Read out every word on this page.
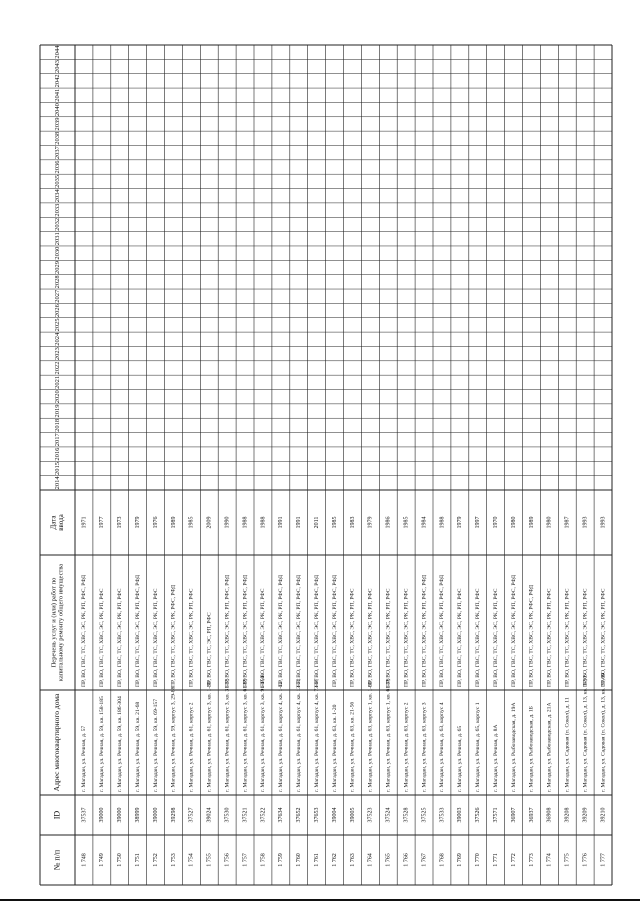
№ п/п
ID
Адрес многоквартирного дома
Перечень услуг и (или) работ по капитальному ремонту общего имущества
Дата ввода
2014
2015
2016
2017
2018
2019
2020
2021
2022
2023
2024
2025
2026
2027
2028
2029
2030
2031
2032
2033
2034
2035
2036
2037
2038
2039
2040
2041
2042
2043
2044
1 748
37537
г. Магадан, ул. Речная, д. 57
ПР, ВО, ГВС, ТС, ХВС, ЭС, РК, РП, РФС, РФД
1971
1 749
39000
г. Магадан, ул. Речная, д. 59, кв. 158-185
ПР, ВО, ГВС, ТС, ХВС, ЭС, РК, РП, РФС
1977
1 750
39000
г. Магадан, ул. Речная, д. 59, кв. 186-304
ПР, ВО, ГВС, ТС, ХВС, ЭС, РК, РП, РФС
1973
1 751
38999
г. Магадан, ул. Речная, д. 59, кв. 21-68
ПР, ВО, ГВС, ТС, ХВС, ЭС, РК, РП, РФС, РФД
1979
1 752
39000
г. Магадан, ул. Речная, д. 59, кв. 69-157
ПР, ВО, ГВС, ТС, ХВС, ЭС, РК, РП, РФС
1976
1 753
39298
г. Магадан, ул. Речная, д. 59, корпус 3, 29-88
ПР, ВО, ГВС, ТС, ХВС, ЭС, РК, РФС, РФД
1989
1 754
37527
г. Магадан, ул. Речная, д. 61, корпус 2
ПР, ВО, ГВС, ТС, ХВС, ЭС, РК, РП, РФС
1985
1 755
39024
г. Магадан, ул. Речная, д. 61, корпус 3, кв. 1-30
ПР, ВО, ГВС, ТС, ЭС, РП, РФС
2009
1 756
37530
г. Магадан, ул. Речная, д. 61, корпус 3, кв. 31-33
ПР, ВО, ГВС, ТС, ХВС, ЭС, РК, РП, РФС, РФД
1990
1 757
37521
г. Магадан, ул. Речная, д. 61, корпус 3, кв. 61-89
ПР, ВО, ГВС, ТС, ХВС, ЭС, РК, РП, РФС, РФД
1988
1 758
37522
г. Магадан, ул. Речная, д. 61, корпус 3, кв. 91-150
ПР, ВО, ГВС, ТС, ХВС, ЭС, РК, РП, РФС
1988
1 759
37634
г. Магадан, ул. Речная, д. 61, корпус 4, кв. 1-12
ПР, ВО, ГВС, ТС, ХВС, ЭС, РК, РП, РФС, РФД
1991
1 760
37652
г. Магадан, ул. Речная, д. 61, корпус 4, кв. 13-72
ПР, ВО, ГВС, ТС, ХВС, ЭС, РК, РП, РФС, РФД
1991
1 761
37653
г. Магадан, ул. Речная, д. 61, корпус 4, кв. 73-97
ПР, ВО, ГВС, ТС, ХВС, ЭС, РК, РП, РФС, РФД
2011
1 762
39004
г. Магадан, ул. Речная, д. 63, кв. 1-20
ПР, ВО, ГВС, ТС, ХВС, ЭС, РК, РП, РФС, РФД
1985
1 763
39005
г. Магадан, ул. Речная, д. 63, кв. 21-56
ПР, ВО, ГВС, ТС, ХВС, ЭС, РК, РП, РФС
1983
1 764
37523
г. Магадан, ул. Речная, д. 63, корпус 1, кв. 1-60
ПР, ВО, ГВС, ТС, ХВС, ЭС, РК, РП, РФС
1979
1 765
37524
г. Магадан, ул. Речная, д. 63, корпус 1, кв. 61-78
ПР, ВО, ГВС, ТС, ХВС, ЭС, РК, РП, РФС
1986
1 766
37528
г. Магадан, ул. Речная, д. 63, корпус 2
ПР, ВО, ГВС, ТС, ХВС, ЭС, РК, РП, РФС
1985
1 767
37525
г. Магадан, ул. Речная, д. 63, корпус 3
ПР, ВО, ГВС, ТС, ХВС, ЭС, РК, РП, РФС, РФД
1984
1 768
37533
г. Магадан, ул. Речная, д. 63, корпус 4
ПР, ВО, ГВС, ТС, ХВС, ЭС, РК, РП, РФС, РФД
1988
1 769
39003
г. Магадан, ул. Речная, д. 65
ПР, ВО, ГВС, ТС, ХВС, ЭС, РК, РП, РФС
1979
1 770
37526
г. Магадан, ул. Речная, д. 65, корпус 1
ПР, ВО, ГВС, ТС, ХВС, ЭС, РК, РП, РФС
1997
1 771
37571
г. Магадан, ул. Речная, д. 8А
ПР, ВО, ГВС, ТС, ХВС, ЭС, РК, РП, РФС
1970
1 772
36907
г. Магадан, ул. Рыбозаводская, д. 19А
ПР, ВО, ГВС, ТС, ХВС, ЭС, РК, РП, РФС, РФД
1980
1 773
36937
г. Магадан, ул. Рыбозаводская, д. 1Б
ПР, ВО, ГВС, ТС, ХВС, ЭС, РК, РФС, РФД
1989
1 774
36908
г. Магадан, ул. Рыбозаводская, д. 21А
ПР, ВО, ГВС, ТС, ХВС, ЭС, РК, РП, РФС
1980
1 775
39208
г. Магадан, ул. Садовая (п. Сокол), д. 11
ПР, ВО, ГВС, ТС, ХВС, ЭС, РК, РП, РФС
1987
1 776
39209
г. Магадан, ул. Садовая (п. Сокол), д. 13, кв. 1-30
ПР, ВО, ГВС, ТС, ХВС, ЭС, РК, РП, РФС
1993
1 777
39210
г. Магадан, ул. Садовая (п. Сокол), д. 13, кв. 31-60
ПР, ВО, ГВС, ТС, ХВС, ЭС, РК, РП, РФС
1993
